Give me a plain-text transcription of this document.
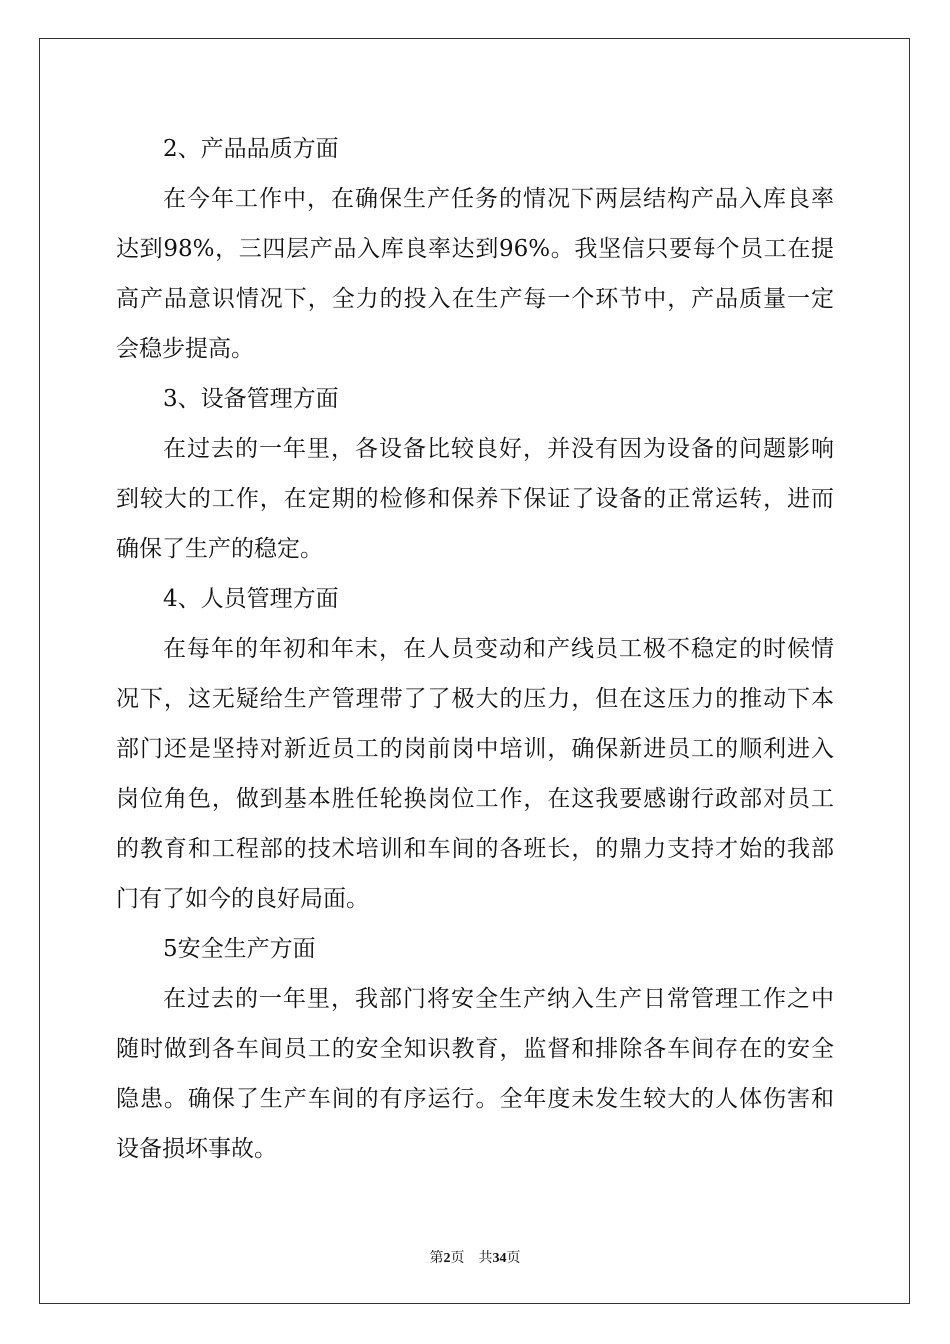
2、产品品质方面
在今年工作中，在确保生产任务的情况下两层结构产品入库良率
达到98%，三四层产品入库良率达到96%。我坚信只要每个员工在提
高产品意识情况下，全力的投入在生产每一个环节中，产品质量一定
会稳步提高。
3、设备管理方面
在过去的一年里，各设备比较良好，并没有因为设备的问题影响
到较大的工作，在定期的检修和保养下保证了设备的正常运转，进而
确保了生产的稳定。
4、人员管理方面
在每年的年初和年末，在人员变动和产线员工极不稳定的时候情
况下，这无疑给生产管理带了了极大的压力，但在这压力的推动下本
部门还是坚持对新近员工的岗前岗中培训，确保新进员工的顺利进入
岗位角色，做到基本胜任轮换岗位工作，在这我要感谢行政部对员工
的教育和工程部的技术培训和车间的各班长，的鼎力支持才始的我部
门有了如今的良好局面。
5安全生产方面
在过去的一年里，我部门将安全生产纳入生产日常管理工作之中
随时做到各车间员工的安全知识教育，监督和排除各车间存在的安全
隐患。确保了生产车间的有序运行。全年度未发生较大的人体伤害和
设备损坏事故。
第2页　共34页
